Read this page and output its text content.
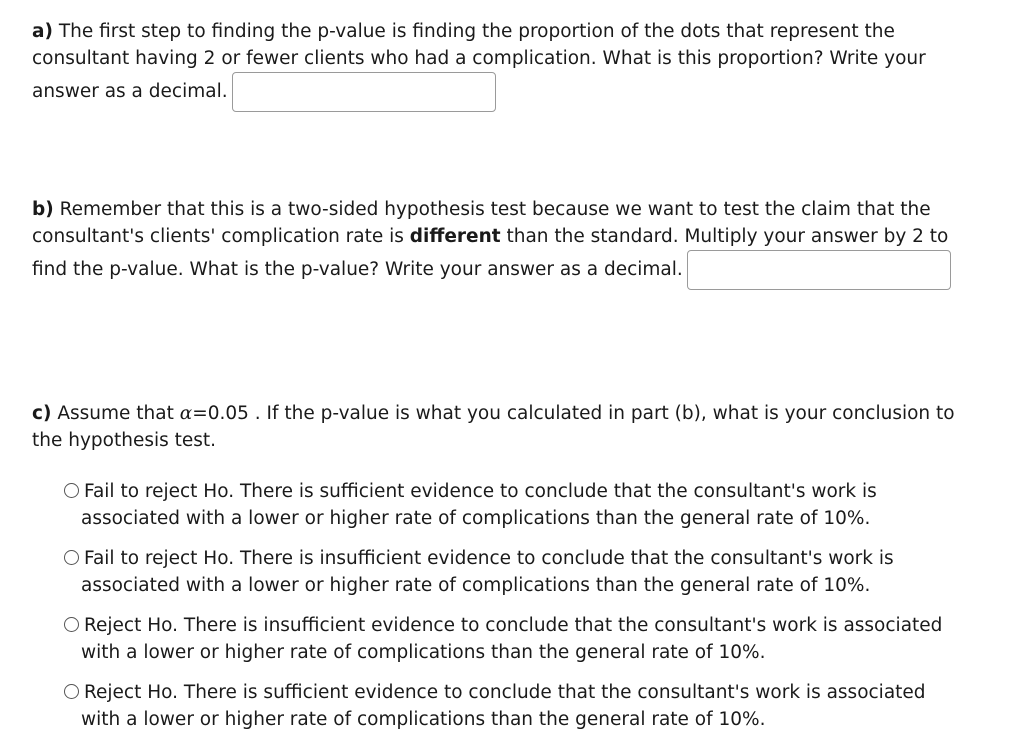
a) The first step to finding the p-value is finding the proportion of the dots that represent the
consultant having 2 or fewer clients who had a complication. What is this proportion? Write your
answer as a decimal.
b) Remember that this is a two-sided hypothesis test because we want to test the claim that the
consultant's clients' complication rate is different than the standard. Multiply your answer by 2 to
find the p-value. What is the p-value? Write your answer as a decimal.
c) Assume that α=0.05 . If the p-value is what you calculated in part (b), what is your conclusion to
the hypothesis test.
Fail to reject Ho. There is sufficient evidence to conclude that the consultant's work is
associated with a lower or higher rate of complications than the general rate of 10%.
Fail to reject Ho. There is insufficient evidence to conclude that the consultant's work is
associated with a lower or higher rate of complications than the general rate of 10%.
Reject Ho. There is insufficient evidence to conclude that the consultant's work is associated
with a lower or higher rate of complications than the general rate of 10%.
Reject Ho. There is sufficient evidence to conclude that the consultant's work is associated
with a lower or higher rate of complications than the general rate of 10%.
